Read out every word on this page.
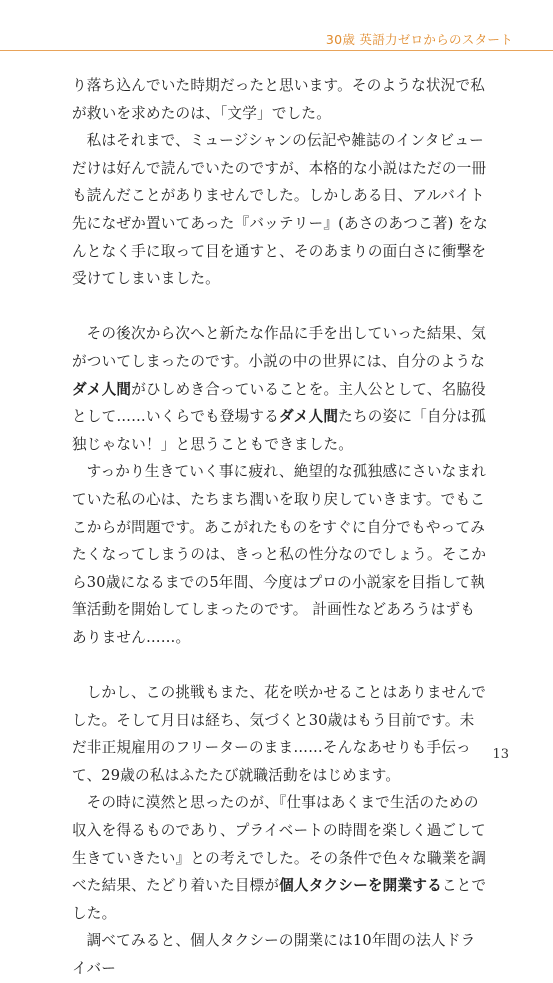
30歳 英語力ゼロからのスタート

り落ち込んでいた時期だったと思います。そのような状況で私が救いを求めたのは、「文学」でした。

私はそれまで、ミュージシャンの伝記や雑誌のインタビューだけは好んで読んでいたのですが、本格的な小説はただの一冊も読んだことがありませんでした。しかしある日、アルバイト先になぜか置いてあった『バッテリー』(あさのあつこ著) をなんとなく手に取って目を通すと、そのあまりの面白さに衝撃を受けてしまいました。

その後次から次へと新たな作品に手を出していった結果、気がついてしまったのです。小説の中の世界には、自分のようなダメ人間がひしめき合っていることを。主人公として、名脇役として……いくらでも登場するダメ人間たちの姿に「自分は孤独じゃない！」と思うこともできました。

すっかり生きていく事に疲れ、絶望的な孤独感にさいなまれていた私の心は、たちまち潤いを取り戻していきます。でもここからが問題です。あこがれたものをすぐに自分でもやってみたくなってしまうのは、きっと私の性分なのでしょう。そこから30歳になるまでの5年間、今度はプロの小説家を目指して執筆活動を開始してしまったのです。 計画性などあろうはずもありません……。

しかし、この挑戦もまた、花を咲かせることはありませんでした。そして月日は経ち、気づくと30歳はもう目前です。未だ非正規雇用のフリーターのまま……そんなあせりも手伝って、29歳の私はふたたび就職活動をはじめます。

その時に漠然と思ったのが、『仕事はあくまで生活のための収入を得るものであり、プライベートの時間を楽しく過ごして生きていきたい』との考えでした。その条件で色々な職業を調べた結果、たどり着いた目標が個人タクシーを開業することでした。

調べてみると、個人タクシーの開業には10年間の法人ドライバー

13
